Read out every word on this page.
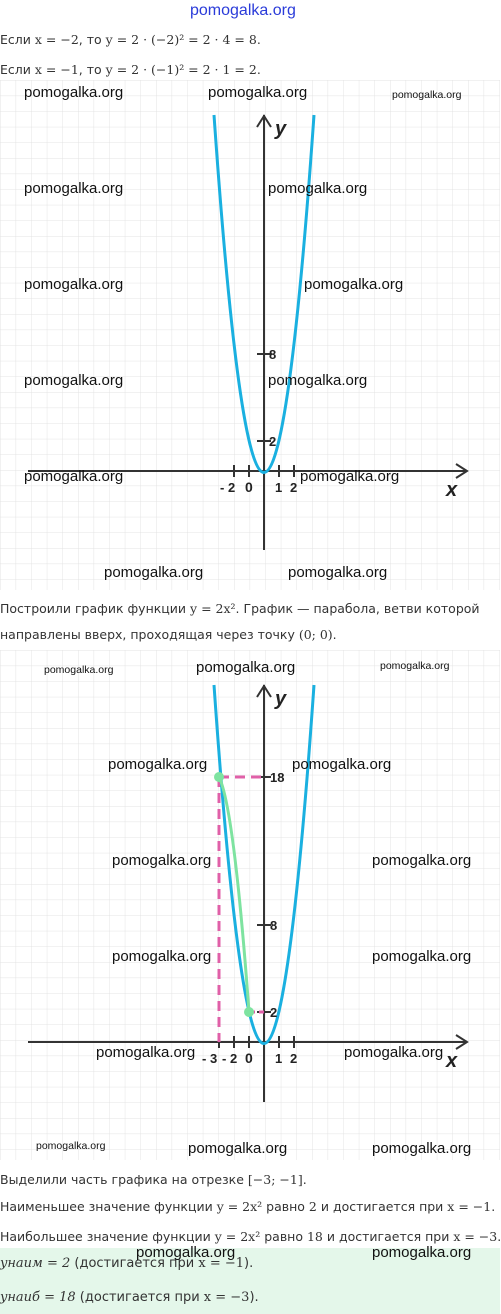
pomogalka.org
Если x = −2, то y = 2 · (−2)² = 2 · 4 = 8.
Если x = −1, то y = 2 · (−1)² = 2 · 1 = 2.
y
x
- 2 0 1 2
8
2
Построили график функции y = 2x². График — парабола, ветви которой
направлены вверх, проходящая через точку (0; 0).
y
x
- 3 - 2 0 1 2
18
8
2
Выделили часть графика на отрезке [−3; −1].
Наименьшее значение функции y = 2x² равно 2 и достигается при x = −1.
Наибольшее значение функции y = 2x² равно 18 и достигается при x = −3.
yнаим = 2 (достигается при x = −1).
yнаиб = 18 (достигается при x = −3).
pomogalka.org	pomogalka.org	pomogalka.org
pomogalka.org	pomogalka.org
pomogalka.org	pomogalka.org
pomogalka.org	pomogalka.org
pomogalka.org	pomogalka.org
pomogalka.org	pomogalka.org
pomogalka.org	pomogalka.org	pomogalka.org
pomogalka.org	pomogalka.org
pomogalka.org	pomogalka.org
pomogalka.org	pomogalka.org
pomogalka.org	pomogalka.org
pomogalka.org	pomogalka.org	pomogalka.org
pomogalka.org	pomogalka.org
